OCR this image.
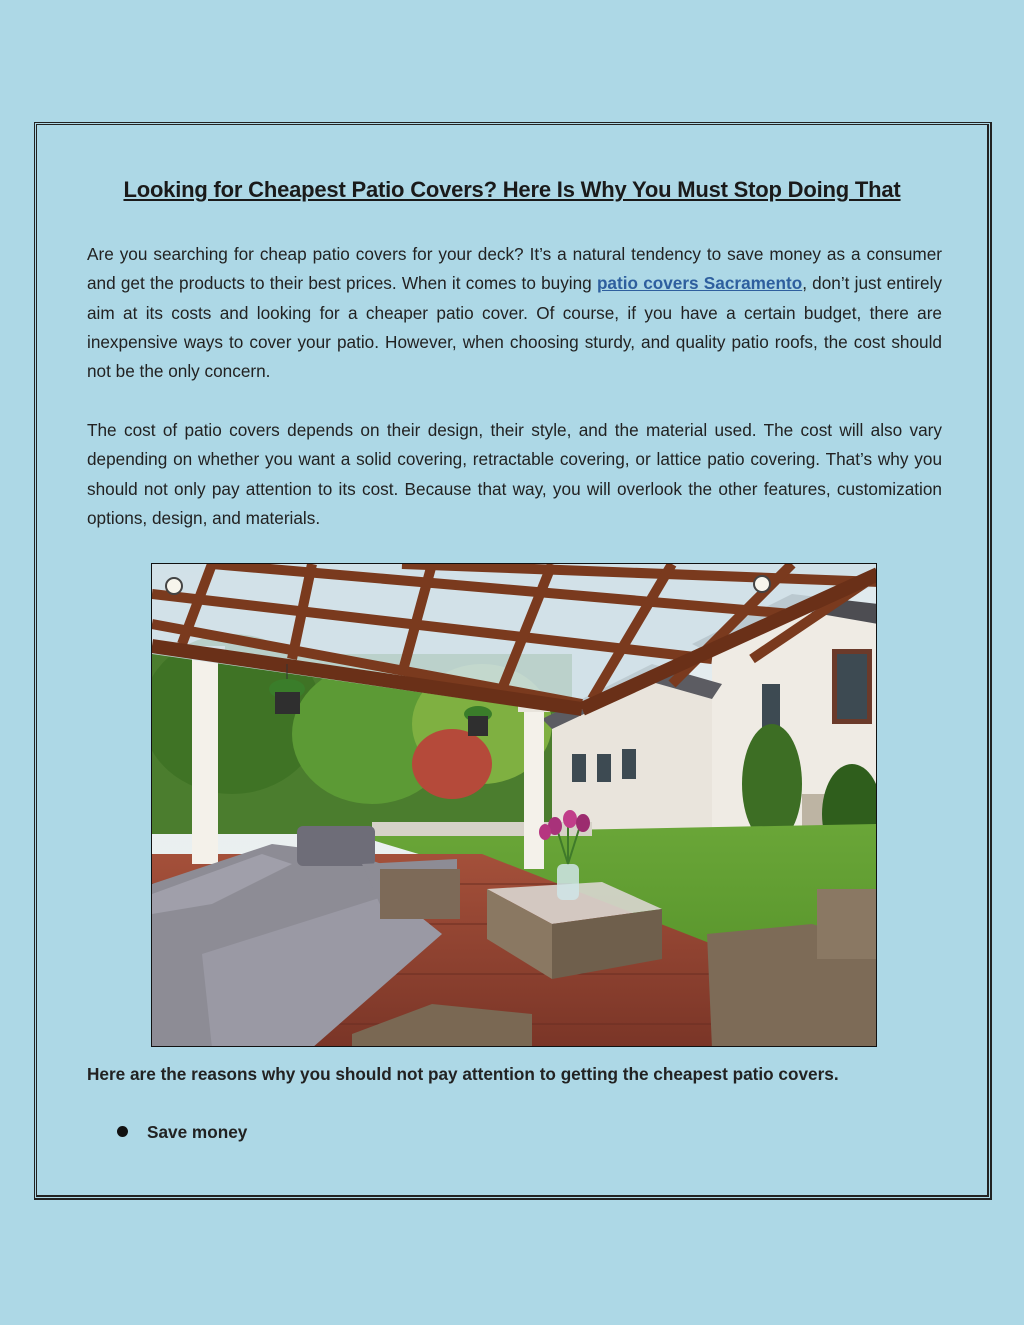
Looking for Cheapest Patio Covers? Here Is Why You Must Stop Doing That

Are you searching for cheap patio covers for your deck? It’s a natural tendency to save money as a consumer and get the products to their best prices. When it comes to buying patio covers Sacramento, don’t just entirely aim at its costs and looking for a cheaper patio cover. Of course, if you have a certain budget, there are inexpensive ways to cover your patio. However, when choosing sturdy, and quality patio roofs, the cost should not be the only concern.

The cost of patio covers depends on their design, their style, and the material used. The cost will also vary depending on whether you want a solid covering, retractable covering, or lattice patio covering. That’s why you should not only pay attention to its cost. Because that way, you will overlook the other features, customization options, design, and materials.

Here are the reasons why you should not pay attention to getting the cheapest patio covers.

Save money
